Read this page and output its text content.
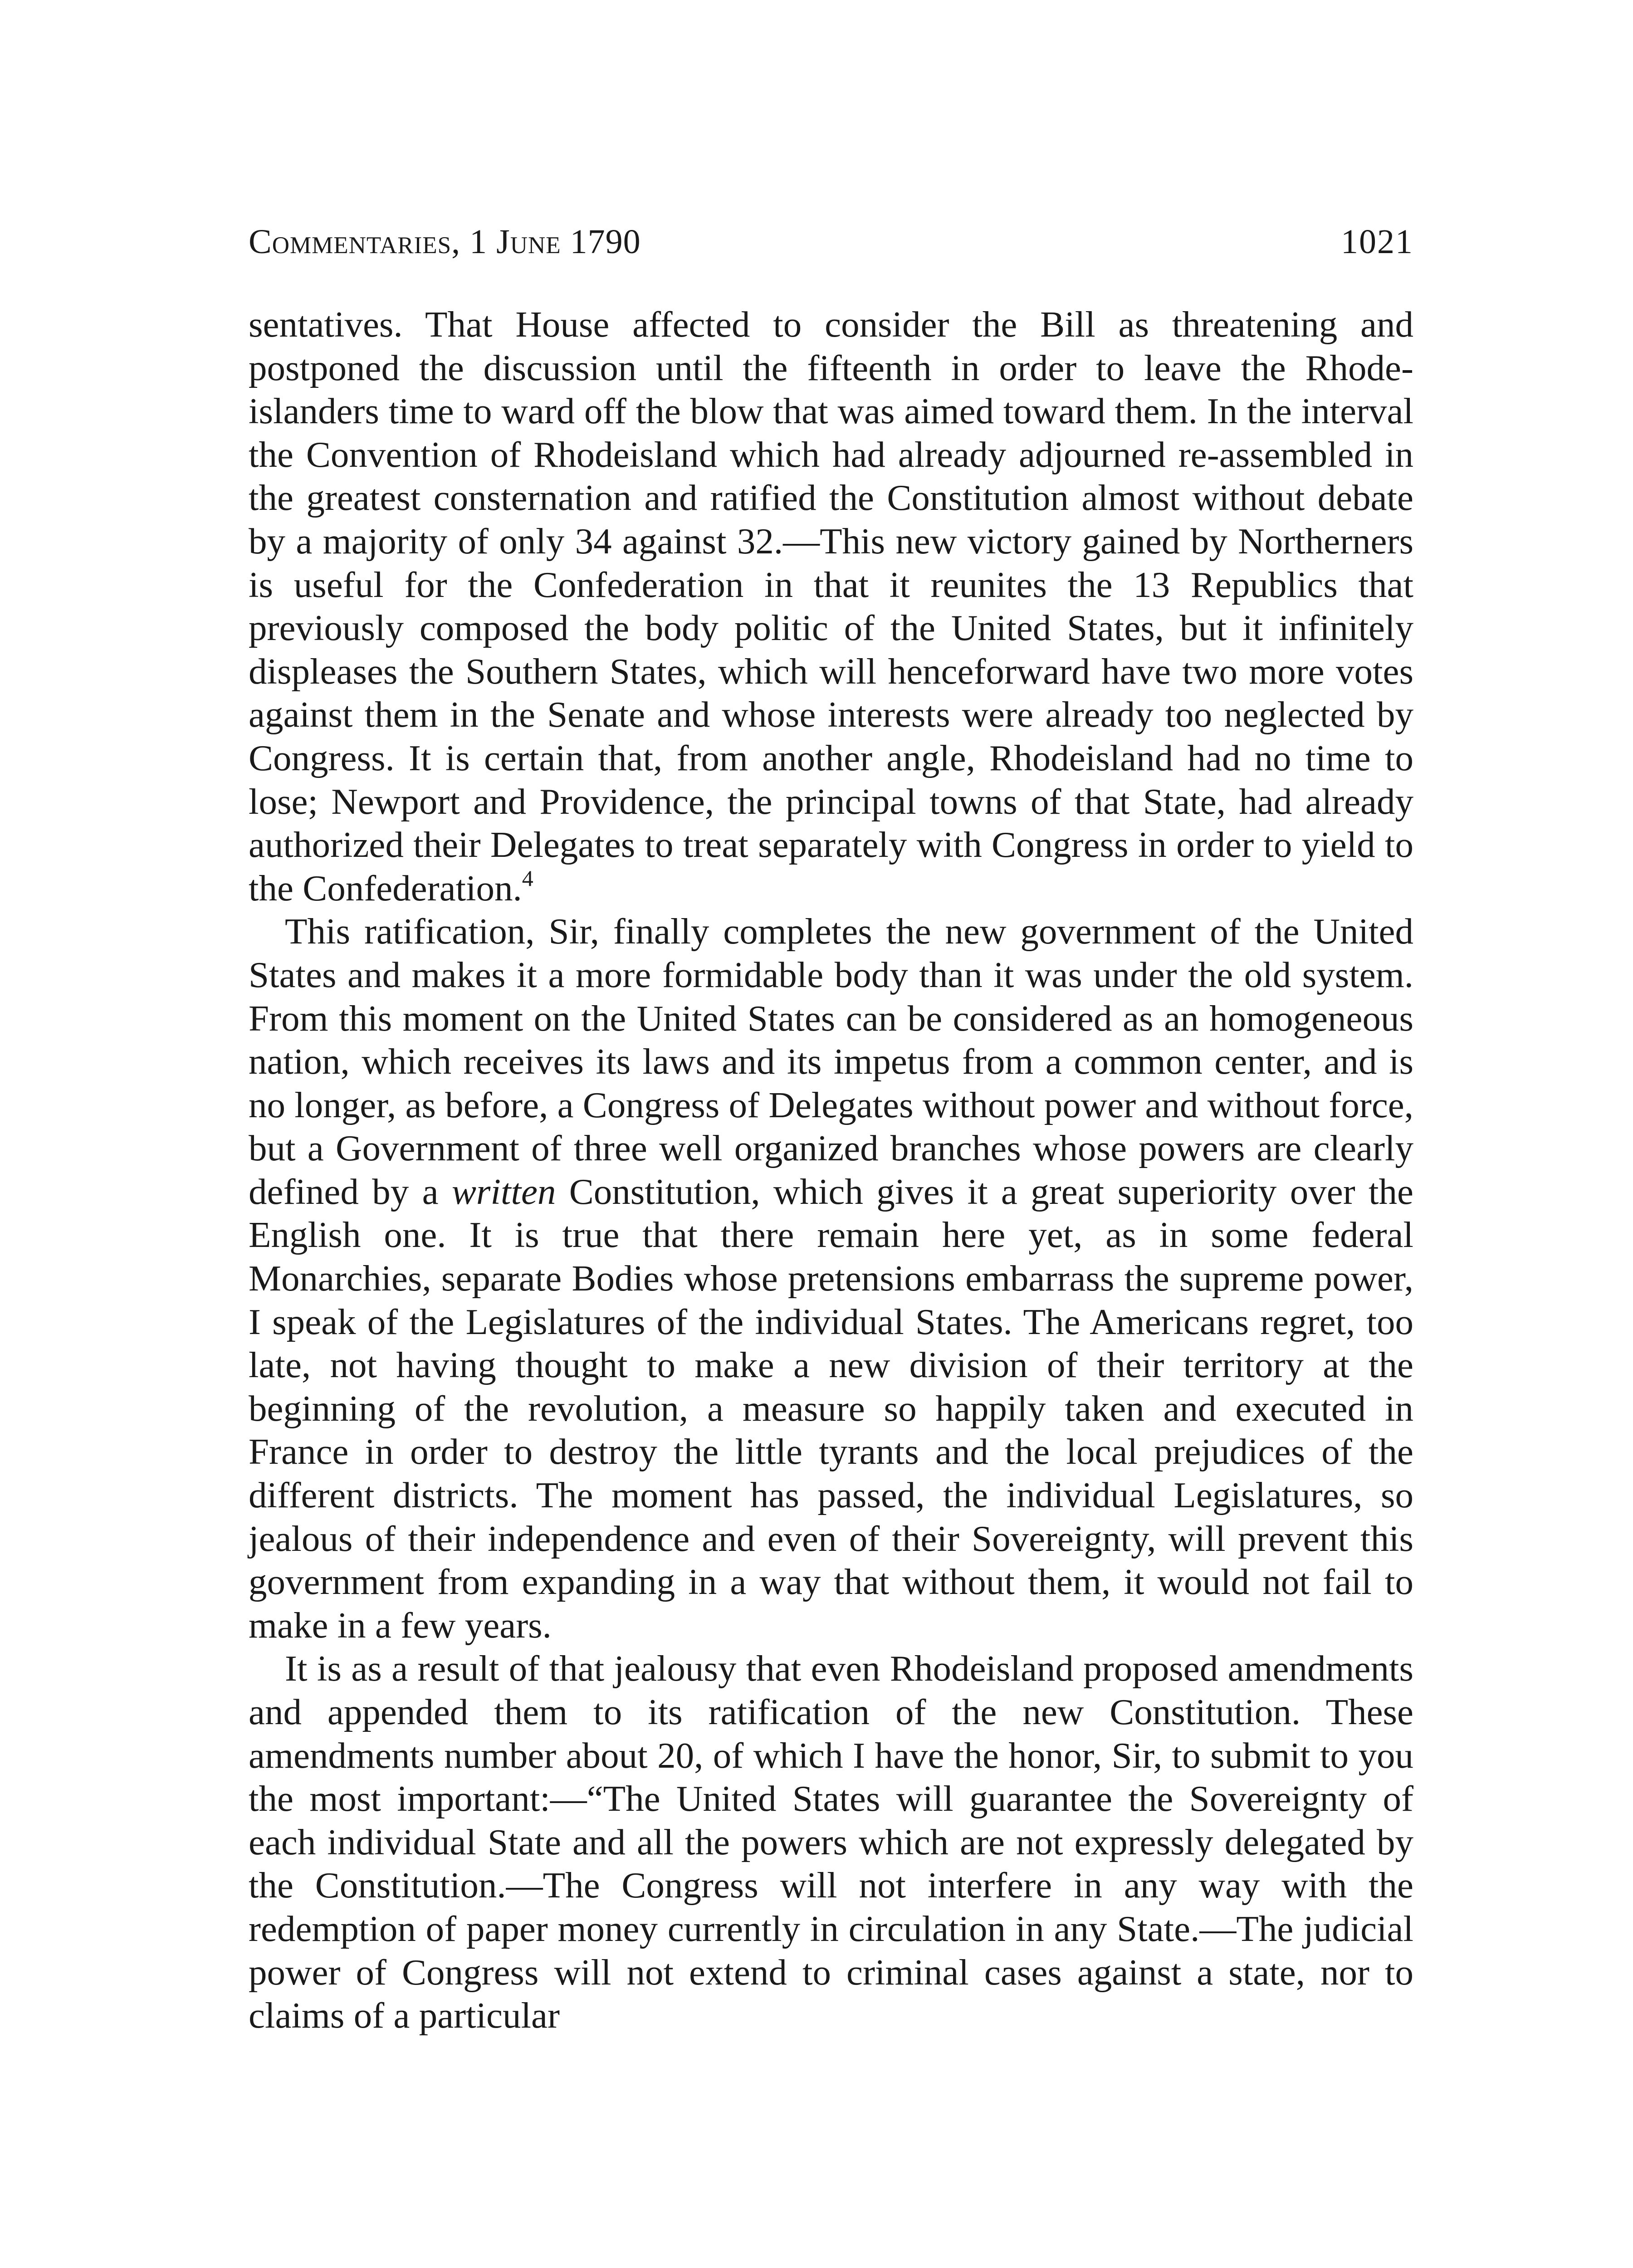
Commentaries, 1 June 1790	1021

sentatives. That House affected to consider the Bill as threatening and postponed the discussion until the fifteenth in order to leave the Rhodeislanders time to ward off the blow that was aimed toward them. In the interval the Convention of Rhodeisland which had already adjourned re-assembled in the greatest consternation and ratified the Constitution almost without debate by a majority of only 34 against 32.—This new victory gained by Northerners is useful for the Confederation in that it reunites the 13 Republics that previously composed the body politic of the United States, but it infinitely displeases the Southern States, which will henceforward have two more votes against them in the Senate and whose interests were already too neglected by Congress. It is certain that, from another angle, Rhodeisland had no time to lose; Newport and Providence, the principal towns of that State, had already authorized their Delegates to treat separately with Congress in order to yield to the Confederation.$^4$

This ratification, Sir, finally completes the new government of the United States and makes it a more formidable body than it was under the old system. From this moment on the United States can be considered as an homogeneous nation, which receives its laws and its impetus from a common center, and is no longer, as before, a Congress of Delegates without power and without force, but a Government of three well organized branches whose powers are clearly defined by a written Constitution, which gives it a great superiority over the English one. It is true that there remain here yet, as in some federal Monarchies, separate Bodies whose pretensions embarrass the supreme power, I speak of the Legislatures of the individual States. The Americans regret, too late, not having thought to make a new division of their territory at the beginning of the revolution, a measure so happily taken and executed in France in order to destroy the little tyrants and the local prejudices of the different districts. The moment has passed, the individual Legislatures, so jealous of their independence and even of their Sovereignty, will prevent this government from expanding in a way that without them, it would not fail to make in a few years.

It is as a result of that jealousy that even Rhodeisland proposed amendments and appended them to its ratification of the new Constitution. These amendments number about 20, of which I have the honor, Sir, to submit to you the most important:—“The United States will guarantee the Sovereignty of each individual State and all the powers which are not expressly delegated by the Constitution.—The Congress will not interfere in any way with the redemption of paper money currently in circulation in any State.—The judicial power of Congress will not extend to criminal cases against a state, nor to claims of a particular
